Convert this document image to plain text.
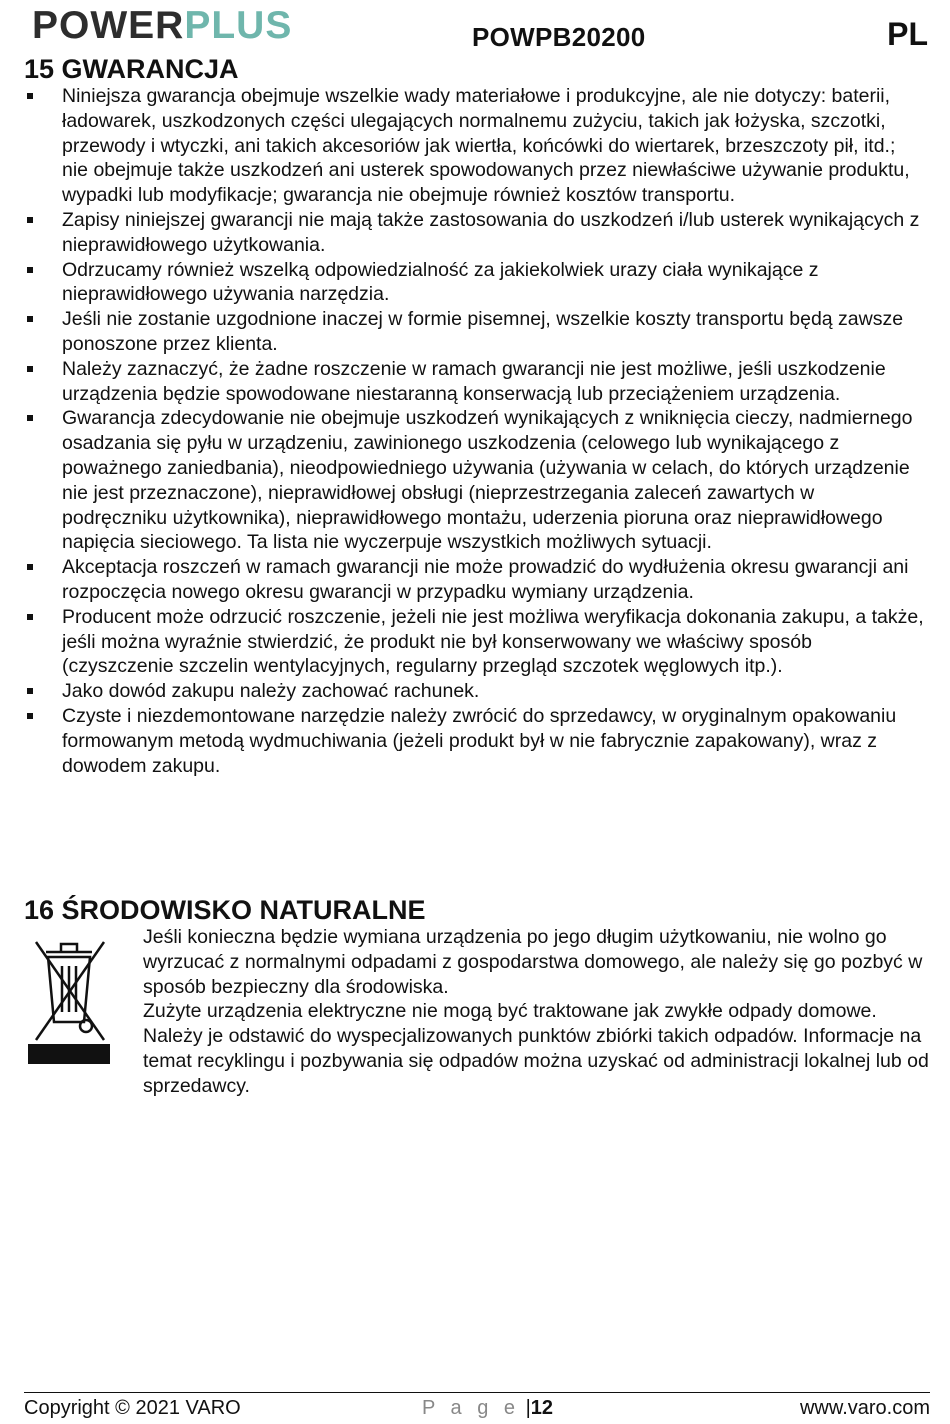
POWERPLUS	POWPB20200	PL
15 GWARANCJA
Niniejsza gwarancja obejmuje wszelkie wady materiałowe i produkcyjne, ale nie dotyczy: baterii, ładowarek, uszkodzonych części ulegających normalnemu zużyciu, takich jak łożyska, szczotki, przewody i wtyczki, ani takich akcesoriów jak wiertła, końcówki do wiertarek, brzeszczoty pił, itd.; nie obejmuje także uszkodzeń ani usterek spowodowanych przez niewłaściwe używanie produktu, wypadki lub modyfikacje; gwarancja nie obejmuje również kosztów transportu.
Zapisy niniejszej gwarancji nie mają także zastosowania do uszkodzeń i/lub usterek wynikających z nieprawidłowego użytkowania.
Odrzucamy również wszelką odpowiedzialność za jakiekolwiek urazy ciała wynikające z nieprawidłowego używania narzędzia.
Jeśli nie zostanie uzgodnione inaczej w formie pisemnej, wszelkie koszty transportu będą zawsze ponoszone przez klienta.
Należy zaznaczyć, że żadne roszczenie w ramach gwarancji nie jest możliwe, jeśli uszkodzenie urządzenia będzie spowodowane niestaranną konserwacją lub przeciążeniem urządzenia.
Gwarancja zdecydowanie nie obejmuje uszkodzeń wynikających z wniknięcia cieczy, nadmiernego osadzania się pyłu w urządzeniu, zawinionego uszkodzenia (celowego lub wynikającego z poważnego zaniedbania), nieodpowiedniego używania (używania w celach, do których urządzenie nie jest przeznaczone), nieprawidłowej obsługi (nieprzestrzegania zaleceń zawartych w podręczniku użytkownika), nieprawidłowego montażu, uderzenia pioruna oraz nieprawidłowego napięcia sieciowego. Ta lista nie wyczerpuje wszystkich możliwych sytuacji.
Akceptacja roszczeń w ramach gwarancji nie może prowadzić do wydłużenia okresu gwarancji ani rozpoczęcia nowego okresu gwarancji w przypadku wymiany urządzenia.
Producent może odrzucić roszczenie, jeżeli nie jest możliwa weryfikacja dokonania zakupu, a także, jeśli można wyraźnie stwierdzić, że produkt nie był konserwowany we właściwy sposób (czyszczenie szczelin wentylacyjnych, regularny przegląd szczotek węglowych itp.).
Jako dowód zakupu należy zachować rachunek.
Czyste i niezdemontowane narzędzie należy zwrócić do sprzedawcy, w oryginalnym opakowaniu formowanym metodą wydmuchiwania (jeżeli produkt był w nie fabrycznie zapakowany), wraz z dowodem zakupu.
16 ŚRODOWISKO NATURALNE

Jeśli konieczna będzie wymiana urządzenia po jego długim użytkowaniu, nie wolno go wyrzucać z normalnymi odpadami z gospodarstwa domowego, ale należy się go pozbyć w sposób bezpieczny dla środowiska.

Zużyte urządzenia elektryczne nie mogą być traktowane jak zwykłe odpady domowe. Należy je odstawić do wyspecjalizowanych punktów zbiórki takich odpadów. Informacje na temat recyklingu i pozbywania się odpadów można uzyskać od administracji lokalnej lub od sprzedawcy.

Copyright © 2021 VARO	P a g e |12	www.varo.com
